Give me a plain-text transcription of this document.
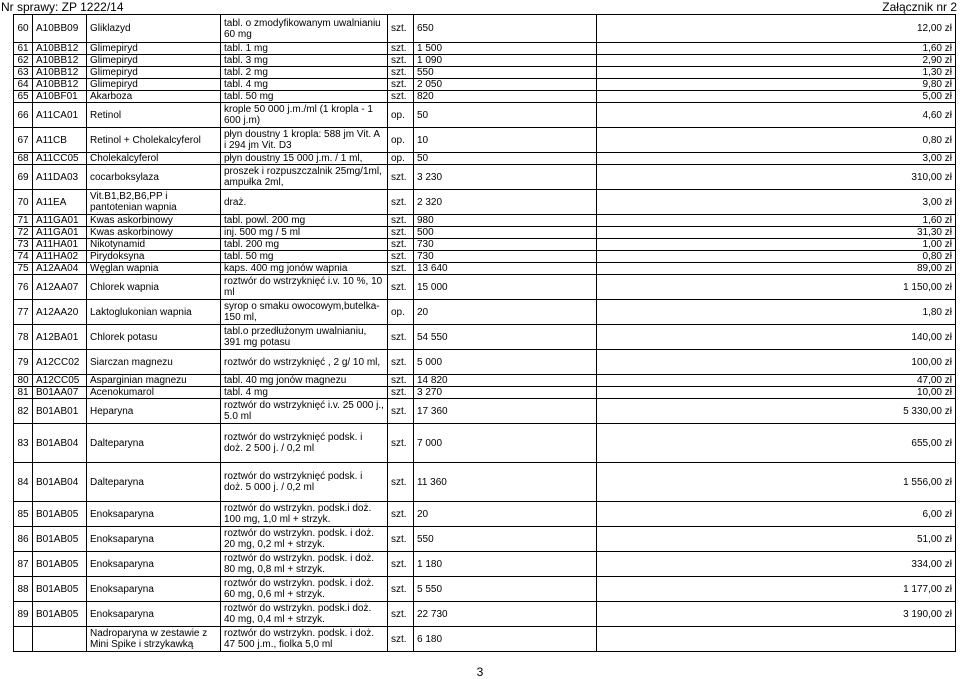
Nr sprawy: ZP 1222/14	Załącznik nr 2
60	A10BB09	Gliklazyd	tabl. o zmodyfikowanym uwalnianiu 60 mg	szt.	650	12,00 zł
61	A10BB12	Glimepiryd	tabl. 1 mg	szt.	1 500	1,60 zł
62	A10BB12	Glimepiryd	tabl. 3 mg	szt.	1 090	2,90 zł
63	A10BB12	Glimepiryd	tabl. 2 mg	szt.	550	1,30 zł
64	A10BB12	Glimepiryd	tabl. 4 mg	szt.	2 050	9,80 zł
65	A10BF01	Akarboza	tabl. 50 mg	szt.	820	5,00 zł
66	A11CA01	Retinol	krople 50 000 j.m./ml (1 kropla - 1 600 j.m)	op.	50	4,60 zł
67	A11CB	Retinol + Cholekalcyferol	płyn doustny 1 kropla: 588 jm Vit. A i 294 jm Vit. D3	op.	10	0,80 zł
68	A11CC05	Cholekalcyferol	płyn doustny 15 000 j.m. / 1 ml,	op.	50	3,00 zł
69	A11DA03	cocarboksylaza	proszek i rozpuszczalnik 25mg/1ml, ampułka 2ml,	szt.	3 230	310,00 zł
70	A11EA	Vit.B1,B2,B6,PP i pantotenian wapnia	draż.	szt.	2 320	3,00 zł
71	A11GA01	Kwas askorbinowy	tabl. powl. 200 mg	szt.	980	1,60 zł
72	A11GA01	Kwas askorbinowy	inj. 500 mg / 5 ml	szt.	500	31,30 zł
73	A11HA01	Nikotynamid	tabl. 200 mg	szt.	730	1,00 zł
74	A11HA02	Pirydoksyna	tabl. 50 mg	szt.	730	0,80 zł
75	A12AA04	Węglan wapnia	kaps. 400 mg jonów wapnia	szt.	13 640	89,00 zł
76	A12AA07	Chlorek wapnia	roztwór do wstrzyknięć i.v. 10 %, 10 ml	szt.	15 000	1 150,00 zł
77	A12AA20	Laktoglukonian wapnia	syrop o smaku owocowym,butelka-150 ml,	op.	20	1,80 zł
78	A12BA01	Chlorek potasu	tabl.o przedłużonym uwalnianiu, 391 mg potasu	szt.	54 550	140,00 zł
79	A12CC02	Siarczan magnezu	roztwór do wstrzyknięć , 2 g/ 10 ml,	szt.	5 000	100,00 zł
80	A12CC05	Asparginian magnezu	tabl. 40 mg jonów magnezu	szt.	14 820	47,00 zł
81	B01AA07	Acenokumarol	tabl. 4 mg	szt.	3 270	10,00 zł
82	B01AB01	Heparyna	roztwór do wstrzyknięć i.v. 25 000 j., 5.0 ml	szt.	17 360	5 330,00 zł
83	B01AB04	Dalteparyna	roztwór do wstrzyknięć podsk. i doż. 2 500 j. / 0,2 ml	szt.	7 000	655,00 zł
84	B01AB04	Dalteparyna	roztwór do wstrzyknięć podsk. i doż. 5 000 j. / 0,2 ml	szt.	11 360	1 556,00 zł
85	B01AB05	Enoksaparyna	roztwór do wstrzykn. podsk.i doż. 100 mg, 1,0 ml + strzyk.	szt.	20	6,00 zł
86	B01AB05	Enoksaparyna	roztwór do wstrzykn. podsk. i doż. 20 mg, 0,2 ml + strzyk.	szt.	550	51,00 zł
87	B01AB05	Enoksaparyna	roztwór do wstrzykn. podsk. i doż. 80 mg, 0,8 ml + strzyk.	szt.	1 180	334,00 zł
88	B01AB05	Enoksaparyna	roztwór do wstrzykn. podsk. i doż. 60 mg, 0,6 ml + strzyk.	szt.	5 550	1 177,00 zł
89	B01AB05	Enoksaparyna	roztwór do wstrzykn. podsk.i doż. 40 mg, 0,4 ml + strzyk.	szt.	22 730	3 190,00 zł
		Nadroparyna w zestawie z Mini Spike i strzykawką	roztwór do wstrzykn. podsk. i doż. 47 500 j.m., fiolka 5,0 ml	szt.	6 180	
3
